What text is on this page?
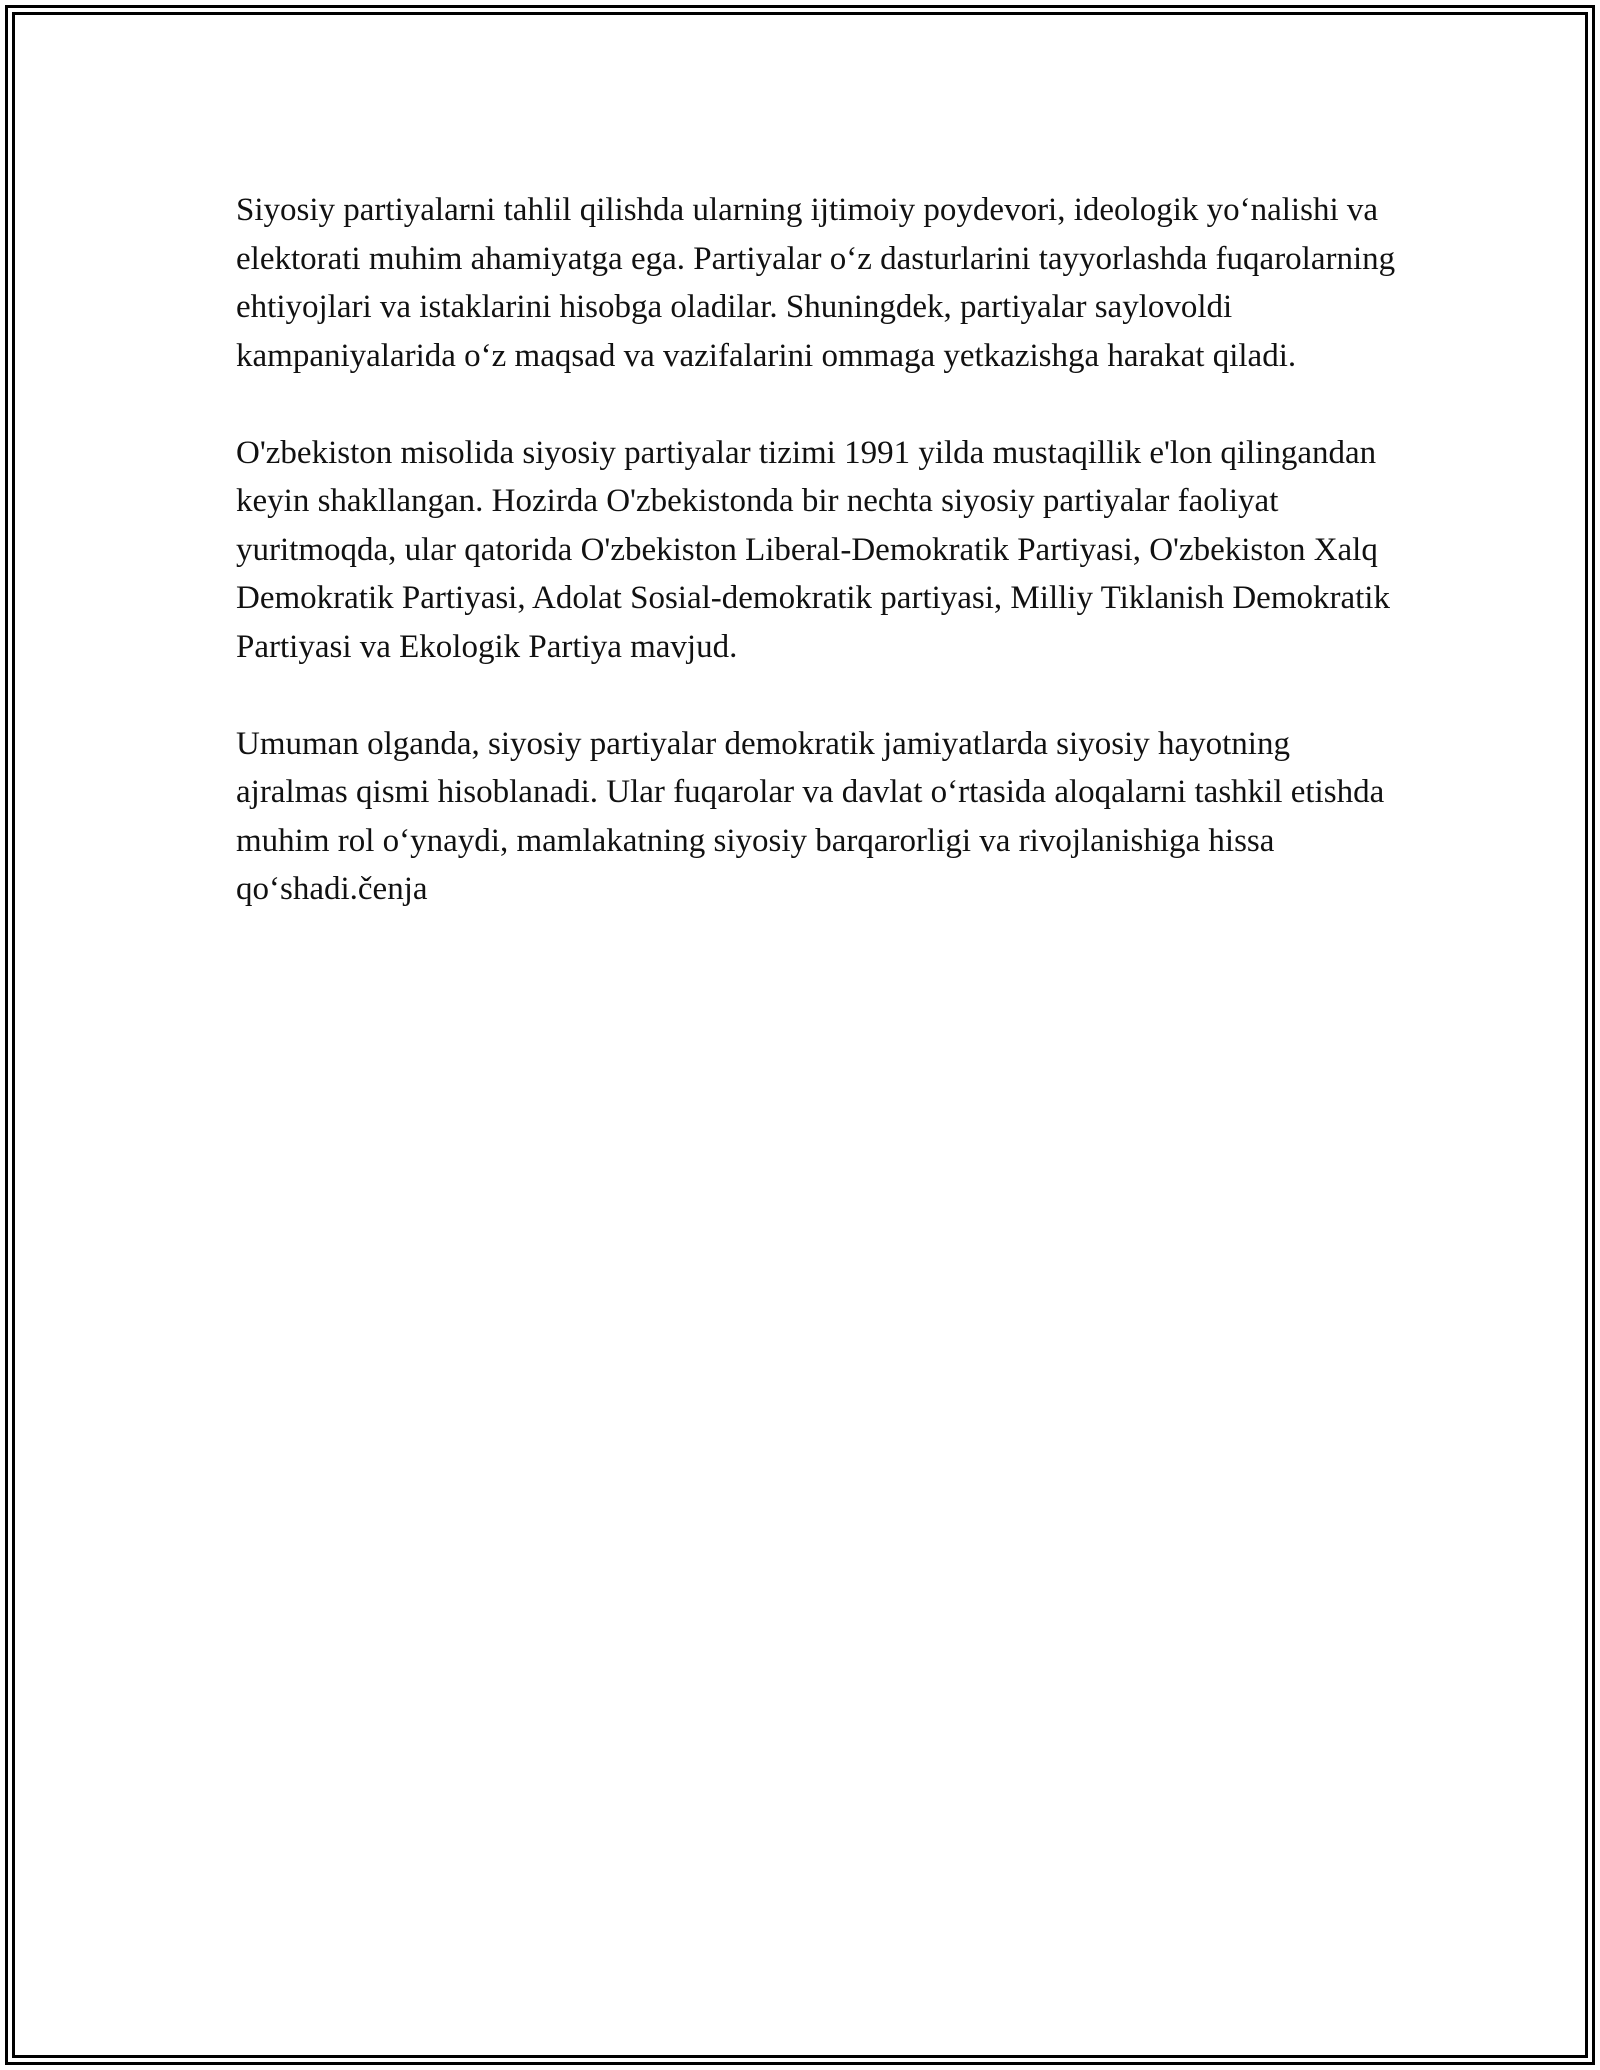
Siyosiy partiyalarni tahlil qilishda ularning ijtimoiy poydevori, ideologik yo‘nalishi va elektorati muhim ahamiyatga ega. Partiyalar o‘z dasturlarini tayyorlashda fuqarolarning ehtiyojlari va istaklarini hisobga oladilar. Shuningdek, partiyalar saylovoldi kampaniyalarida o‘z maqsad va vazifalarini ommaga yetkazishga harakat qiladi.

O'zbekiston misolida siyosiy partiyalar tizimi 1991 yilda mustaqillik e'lon qilingandan keyin shakllangan. Hozirda O'zbekistonda bir nechta siyosiy partiyalar faoliyat yuritmoqda, ular qatorida O'zbekiston Liberal-Demokratik Partiyasi, O'zbekiston Xalq Demokratik Partiyasi, Adolat Sosial-demokratik partiyasi, Milliy Tiklanish Demokratik Partiyasi va Ekologik Partiya mavjud.

Umuman olganda, siyosiy partiyalar demokratik jamiyatlarda siyosiy hayotning ajralmas qismi hisoblanadi. Ular fuqarolar va davlat o‘rtasida aloqalarni tashkil etishda muhim rol o‘ynaydi, mamlakatning siyosiy barqarorligi va rivojlanishiga hissa qo‘shadi.čenja
